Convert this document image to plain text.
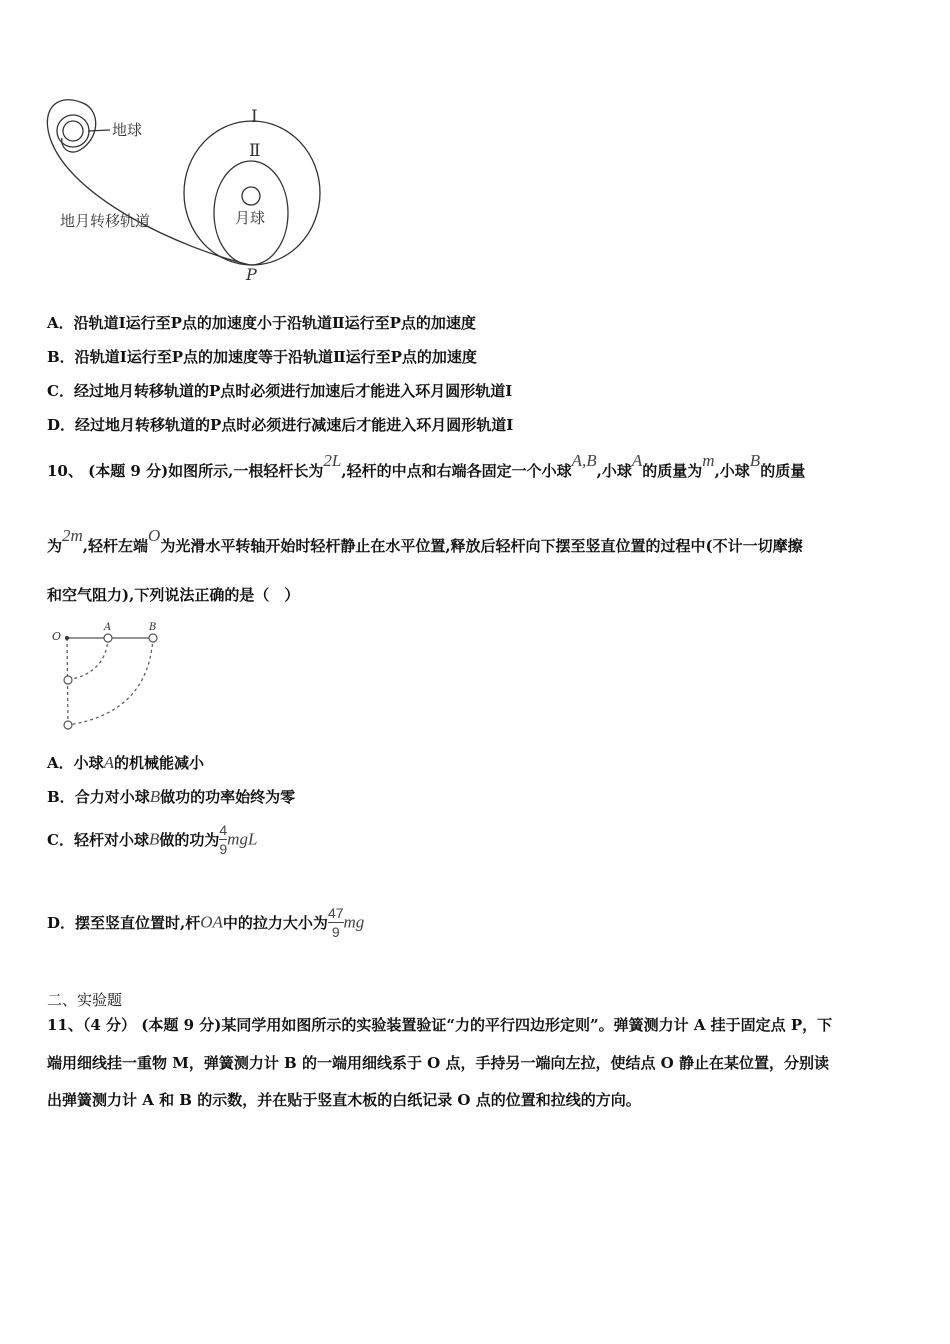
地球
Ⅰ
Ⅱ
月球
地月转移轨道
P
A．沿轨道Ⅰ运行至P点的加速度小于沿轨道Ⅱ运行至P点的加速度
B．沿轨道Ⅰ运行至P点的加速度等于沿轨道Ⅱ运行至P点的加速度
C．经过地月转移轨道的P点时必须进行加速后才能进入环月圆形轨道Ⅰ
D．经过地月转移轨道的P点时必须进行减速后才能进入环月圆形轨道Ⅰ
10、 (本题 9 分)如图所示,一根轻杆长为2L,轻杆的中点和右端各固定一个小球A,B,小球A的质量为m,小球B的质量
为2m,轻杆左端O为光滑水平转轴开始时轻杆静止在水平位置,释放后轻杆向下摆至竖直位置的过程中(不计一切摩擦
和空气阻力),下列说法正确的是（　）
O
A	B
A．小球A的机械能减小
B．合力对小球B做功的功率始终为零
C．轻杆对小球B做的功为$\frac{4}{9}mgL$
D．摆至竖直位置时,杆OA中的拉力大小为$\frac{47}{9}mg$
二、实验题
11、（4 分） (本题 9 分)某同学用如图所示的实验装置验证“力的平行四边形定则”。弹簧测力计 A 挂于固定点 P，下
端用细线挂一重物 M，弹簧测力计 B 的一端用细线系于 O 点，手持另一端向左拉，使结点 O 静止在某位置，分别读
出弹簧测力计 A 和 B 的示数，并在贴于竖直木板的白纸记录 O 点的位置和拉线的方向。
